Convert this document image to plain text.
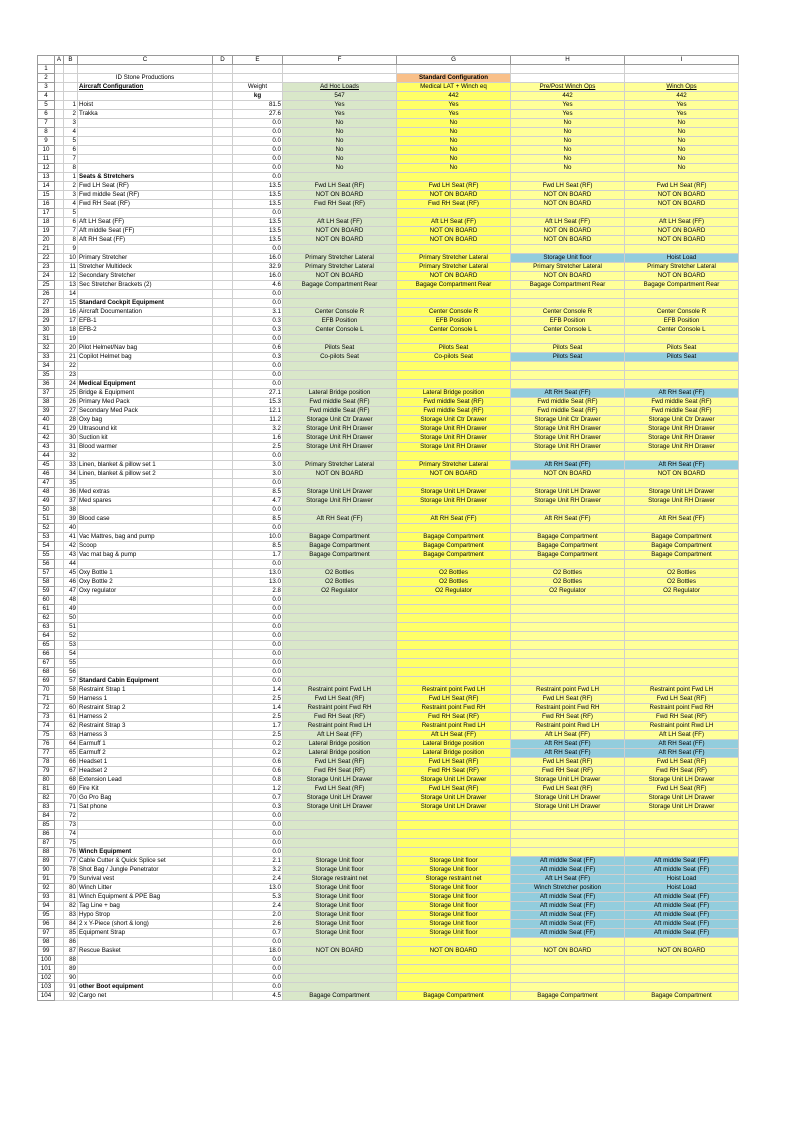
	A	B	C	D	E	F	G	H	I
1									
2			ID Stone Productions				Standard Configuration		
3			Aircraft Configuration		Weight	Ad Hoc Loads	Medical LAT + Winch eq	Pre/Post Winch Ops	Winch Ops
4					kg	547	442	442	442
5		1	Hoist		81.5	Yes	Yes	Yes	Yes
6		2	Trakka		27.6	Yes	Yes	Yes	Yes
7		3			0.0	No	No	No	No
8		4			0.0	No	No	No	No
9		5			0.0	No	No	No	No
10		6			0.0	No	No	No	No
11		7			0.0	No	No	No	No
12		8			0.0	No	No	No	No
13		1	Seats & Stretchers		0.0				
14		2	Fwd LH Seat (RF)		13.5	Fwd LH Seat (RF)	Fwd LH Seat (RF)	Fwd LH Seat (RF)	Fwd LH Seat (RF)
15		3	Fwd middle Seat (RF)		13.5	NOT ON BOARD	NOT ON BOARD	NOT ON BOARD	NOT ON BOARD
16		4	Fwd RH Seat (RF)		13.5	Fwd RH Seat (RF)	Fwd RH Seat (RF)	NOT ON BOARD	NOT ON BOARD
17		5			0.0				
18		6	Aft LH Seat (FF)		13.5	Aft LH Seat (FF)	Aft LH Seat (FF)	Aft LH Seat (FF)	Aft LH Seat (FF)
19		7	Aft middle Seat (FF)		13.5	NOT ON BOARD	NOT ON BOARD	NOT ON BOARD	NOT ON BOARD
20		8	Aft RH Seat (FF)		13.5	NOT ON BOARD	NOT ON BOARD	NOT ON BOARD	NOT ON BOARD
21		9			0.0				
22		10	Primary Stretcher		16.0	Primary Stretcher Lateral	Primary Stretcher Lateral	Storage Unit floor	Hoist Load
23		11	Stretcher Multideck		32.9	Primary Stretcher Lateral	Primary Stretcher Lateral	Primary Stretcher Lateral	Primary Stretcher Lateral
24		12	Secondary Stretcher		16.0	NOT ON BOARD	NOT ON BOARD	NOT ON BOARD	NOT ON BOARD
25		13	Sec Stretcher Brackets (2)		4.6	Bagage Compartment Rear	Bagage Compartment Rear	Bagage Compartment Rear	Bagage Compartment Rear
26		14			0.0				
27		15	Standard Cockpit Equipment		0.0				
28		16	Aircraft Documentation		3.1	Center Console R	Center Console R	Center Console R	Center Console R
29		17	EFB-1		0.3	EFB Position	EFB Position	EFB Position	EFB Position
30		18	EFB-2		0.3	Center Console L	Center Console L	Center Console L	Center Console L
31		19			0.0				
32		20	Pilot Helmet/Nav bag		0.6	Pilots Seat	Pilots Seat	Pilots Seat	Pilots Seat
33		21	Copilot Helmet bag		0.3	Co-pilots Seat	Co-pilots Seat	Pilots Seat	Pilots Seat
34		22			0.0				
35		23			0.0				
36		24	Medical Equipment		0.0				
37		25	Bridge & Equipment		27.1	Lateral Bridge position	Lateral Bridge position	Aft RH Seat (FF)	Aft RH Seat (FF)
38		26	Primary Med Pack		15.3	Fwd middle Seat (RF)	Fwd middle Seat (RF)	Fwd middle Seat (RF)	Fwd middle Seat (RF)
39		27	Secondary Med Pack		12.1	Fwd middle Seat (RF)	Fwd middle Seat (RF)	Fwd middle Seat (RF)	Fwd middle Seat (RF)
40		28	Oxy bag		11.2	Storage Unit Ctr Drawer	Storage Unit Ctr Drawer	Storage Unit Ctr Drawer	Storage Unit Ctr Drawer
41		29	Ultrasound kit		3.2	Storage Unit RH Drawer	Storage Unit RH Drawer	Storage Unit RH Drawer	Storage Unit RH Drawer
42		30	Suction kit		1.6	Storage Unit RH Drawer	Storage Unit RH Drawer	Storage Unit RH Drawer	Storage Unit RH Drawer
43		31	Blood warmer		2.5	Storage Unit RH Drawer	Storage Unit RH Drawer	Storage Unit RH Drawer	Storage Unit RH Drawer
44		32			0.0				
45		33	Linen, blanket & pillow set 1		3.0	Primary Stretcher Lateral	Primary Stretcher Lateral	Aft RH Seat (FF)	Aft RH Seat (FF)
46		34	Linen, blanket & pillow set 2		3.0	NOT ON BOARD	NOT ON BOARD	NOT ON BOARD	NOT ON BOARD
47		35			0.0				
48		36	Med extras		8.5	Storage Unit LH Drawer	Storage Unit LH Drawer	Storage Unit LH Drawer	Storage Unit LH Drawer
49		37	Med spares		4.7	Storage Unit RH Drawer	Storage Unit RH Drawer	Storage Unit RH Drawer	Storage Unit RH Drawer
50		38			0.0				
51		39	Blood case		8.5	Aft RH Seat (FF)	Aft RH Seat (FF)	Aft RH Seat (FF)	Aft RH Seat (FF)
52		40			0.0				
53		41	Vac Mattres, bag and pump		10.0	Bagage Compartment	Bagage Compartment	Bagage Compartment	Bagage Compartment
54		42	Scoop		8.5	Bagage Compartment	Bagage Compartment	Bagage Compartment	Bagage Compartment
55		43	Vac mat bag & pump		1.7	Bagage Compartment	Bagage Compartment	Bagage Compartment	Bagage Compartment
56		44			0.0				
57		45	Oxy Bottle 1		13.0	O2 Bottles	O2 Bottles	O2 Bottles	O2 Bottles
58		46	Oxy Bottle 2		13.0	O2 Bottles	O2 Bottles	O2 Bottles	O2 Bottles
59		47	Oxy regulator		2.8	O2 Regulator	O2 Regulator	O2 Regulator	O2 Regulator
60		48			0.0				
61		49			0.0				
62		50			0.0				
63		51			0.0				
64		52			0.0				
65		53			0.0				
66		54			0.0				
67		55			0.0				
68		56			0.0				
69		57	Standard Cabin Equipment		0.0				
70		58	Restraint Strap 1		1.4	Restraint point Fwd LH	Restraint point Fwd LH	Restraint point Fwd LH	Restraint point Fwd LH
71		59	Harness 1		2.5	Fwd LH Seat (RF)	Fwd LH Seat (RF)	Fwd LH Seat (RF)	Fwd LH Seat (RF)
72		60	Restraint Strap 2		1.4	Restraint point Fwd RH	Restraint point Fwd RH	Restraint point Fwd RH	Restraint point Fwd RH
73		61	Harness 2		2.5	Fwd RH Seat (RF)	Fwd RH Seat (RF)	Fwd RH Seat (RF)	Fwd RH Seat (RF)
74		62	Restraint Strap 3		1.7	Restraint point Rwd LH	Restraint point Rwd LH	Restraint point Rwd LH	Restraint point Rwd LH
75		63	Harness 3		2.5	Aft LH Seat (FF)	Aft LH Seat (FF)	Aft LH Seat (FF)	Aft LH Seat (FF)
76		64	Earmuff 1		0.2	Lateral Bridge position	Lateral Bridge position	Aft RH Seat (FF)	Aft RH Seat (FF)
77		65	Earmuff 2		0.2	Lateral Bridge position	Lateral Bridge position	Aft RH Seat (FF)	Aft RH Seat (FF)
78		66	Headset 1		0.6	Fwd LH Seat (RF)	Fwd LH Seat (RF)	Fwd LH Seat (RF)	Fwd LH Seat (RF)
79		67	Headset 2		0.6	Fwd RH Seat (RF)	Fwd RH Seat (RF)	Fwd RH Seat (RF)	Fwd RH Seat (RF)
80		68	Extension Lead		0.8	Storage Unit LH Drawer	Storage Unit LH Drawer	Storage Unit LH Drawer	Storage Unit LH Drawer
81		69	Fire Kit		1.2	Fwd LH Seat (RF)	Fwd LH Seat (RF)	Fwd LH Seat (RF)	Fwd LH Seat (RF)
82		70	Go Pro Bag		0.7	Storage Unit LH Drawer	Storage Unit LH Drawer	Storage Unit LH Drawer	Storage Unit LH Drawer
83		71	Sat phone		0.3	Storage Unit LH Drawer	Storage Unit LH Drawer	Storage Unit LH Drawer	Storage Unit LH Drawer
84		72			0.0				
85		73			0.0				
86		74			0.0				
87		75			0.0				
88		76	Winch Equipment		0.0				
89		77	Cable Cutter & Quick Splice set		2.1	Storage Unit floor	Storage Unit floor	Aft middle Seat (FF)	Aft middle Seat (FF)
90		78	Shot Bag / Jungle Penetrator		3.2	Storage Unit floor	Storage Unit floor	Aft middle Seat (FF)	Aft middle Seat (FF)
91		79	Survival vest		2.4	Storage restraint net	Storage restraint net	Aft LH Seat (FF)	Hoist Load
92		80	Winch Litter		13.0	Storage Unit floor	Storage Unit floor	Winch Stretcher position	Hoist Load
93		81	Winch Equipment & PPE Bag		5.3	Storage Unit floor	Storage Unit floor	Aft middle Seat (FF)	Aft middle Seat (FF)
94		82	Tag Line + bag		2.4	Storage Unit floor	Storage Unit floor	Aft middle Seat (FF)	Aft middle Seat (FF)
95		83	Hypo Strop		2.0	Storage Unit floor	Storage Unit floor	Aft middle Seat (FF)	Aft middle Seat (FF)
96		84	2 x Y-Piece (short & long)		2.6	Storage Unit floor	Storage Unit floor	Aft middle Seat (FF)	Aft middle Seat (FF)
97		85	Equipment Strap		0.7	Storage Unit floor	Storage Unit floor	Aft middle Seat (FF)	Aft middle Seat (FF)
98		86			0.0				
99		87	Rescue Basket		18.0	NOT ON BOARD	NOT ON BOARD	NOT ON BOARD	NOT ON BOARD
100		88			0.0				
101		89			0.0				
102		90			0.0				
103		91	other Boot equipment		0.0				
104		92	Cargo net		4.5	Bagage Compartment	Bagage Compartment	Bagage Compartment	Bagage Compartment
